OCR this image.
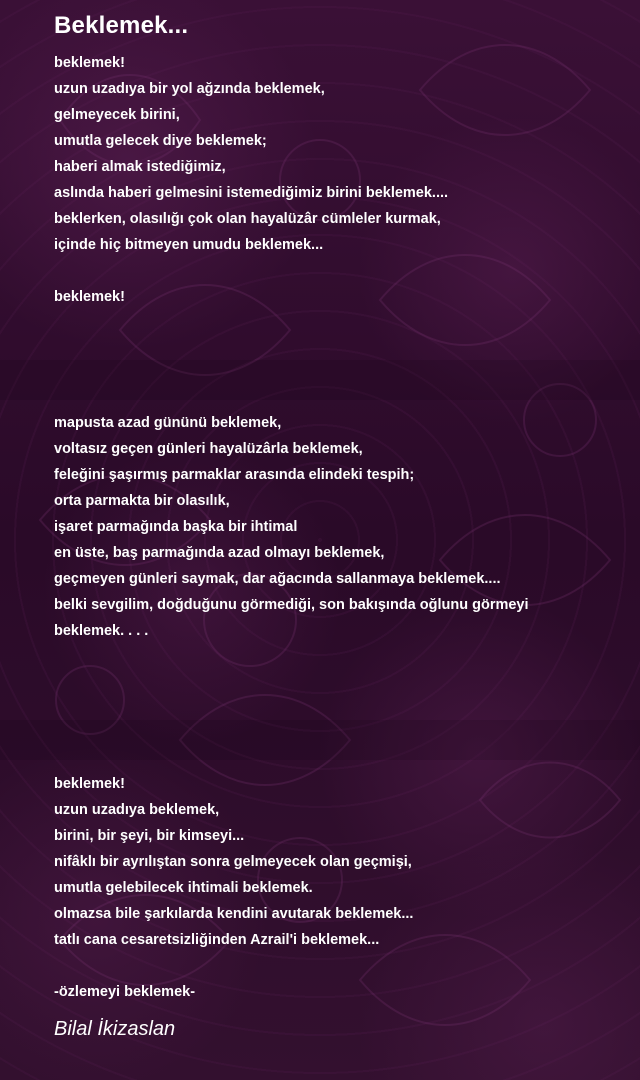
Beklemek...
beklemek!
uzun uzadıya bir yol ağzında beklemek,
gelmeyecek birini,
umutla gelecek diye beklemek;
haberi almak istediğimiz,
aslında haberi gelmesini istemediğimiz birini beklemek....
beklerken, olasılığı çok olan hayalüzâr cümleler kurmak,
içinde hiç bitmeyen umudu beklemek...
beklemek!
mapusta azad gününü beklemek,
voltasız geçen günleri hayalüzârla beklemek,
feleğini şaşırmış parmaklar arasında elindeki tespih;
orta parmakta bir olasılık,
işaret parmağında başka bir ihtimal
en üste, baş parmağında azad olmayı beklemek,
geçmeyen günleri saymak, dar ağacında sallanmaya beklemek....
belki sevgilim, doğduğunu görmediği, son bakışında oğlunu görmeyi
beklemek. . . .
beklemek!
uzun uzadıya beklemek,
birini, bir şeyi, bir kimseyi...
nifâklı bir ayrılıştan sonra gelmeyecek olan geçmişi,
umutla gelebilecek ihtimali beklemek.
olmazsa bile şarkılarda kendini avutarak beklemek...
tatlı cana cesaretsizliğinden Azrail'i beklemek...
-özlemeyi beklemek-
Bilal İkizaslan
